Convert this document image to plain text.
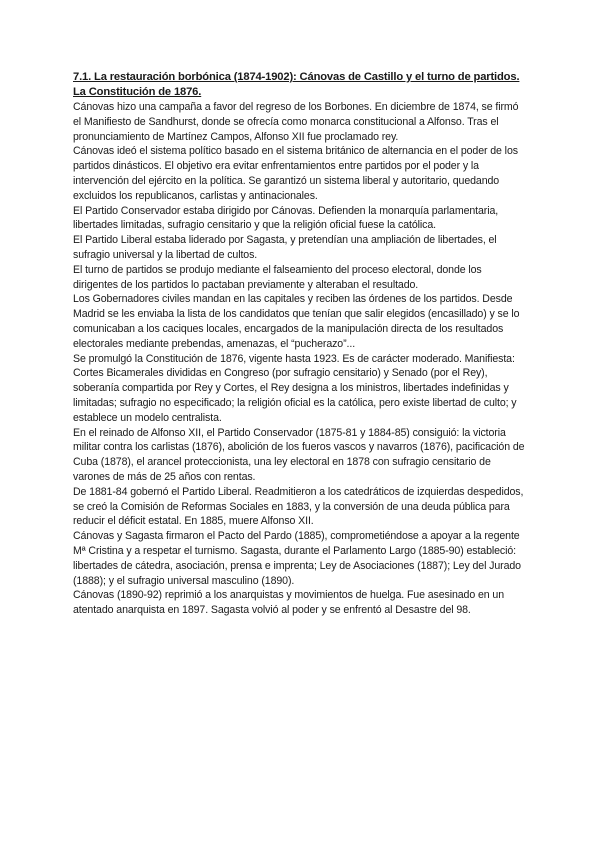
7.1. La restauración borbónica (1874-1902): Cánovas de Castillo y el turno de partidos. La Constitución de 1876.

Cánovas hizo una campaña a favor del regreso de los Borbones. En diciembre de 1874, se firmó el Manifiesto de Sandhurst, donde se ofrecía como monarca constitucional a Alfonso. Tras el pronunciamiento de Martínez Campos, Alfonso XII fue proclamado rey.

Cánovas ideó el sistema político basado en el sistema británico de alternancia en el poder de los partidos dinásticos. El objetivo era evitar enfrentamientos entre partidos por el poder y la intervención del ejército en la política. Se garantizó un sistema liberal y autoritario, quedando excluidos los republicanos, carlistas y antinacionales.

El Partido Conservador estaba dirigido por Cánovas. Defienden la monarquía parlamentaria, libertades limitadas, sufragio censitario y que la religión oficial fuese la católica.

El Partido Liberal estaba liderado por Sagasta, y pretendían una ampliación de libertades, el sufragio universal y la libertad de cultos.

El turno de partidos se produjo mediante el falseamiento del proceso electoral, donde los dirigentes de los partidos lo pactaban previamente y alteraban el resultado.

Los Gobernadores civiles mandan en las capitales y reciben las órdenes de los partidos. Desde Madrid se les enviaba la lista de los candidatos que tenían que salir elegidos (encasillado) y se lo comunicaban a los caciques locales, encargados de la manipulación directa de los resultados electorales mediante prebendas, amenazas, el “pucherazo”...

Se promulgó la Constitución de 1876, vigente hasta 1923. Es de carácter moderado. Manifiesta: Cortes Bicamerales divididas en Congreso (por sufragio censitario) y Senado (por el Rey), soberanía compartida por Rey y Cortes, el Rey designa a los ministros, libertades indefinidas y limitadas; sufragio no especificado; la religión oficial es la católica, pero existe libertad de culto; y establece un modelo centralista.

En el reinado de Alfonso XII, el Partido Conservador (1875-81 y 1884-85) consiguió: la victoria militar contra los carlistas (1876), abolición de los fueros vascos y navarros (1876), pacificación de Cuba (1878), el arancel proteccionista, una ley electoral en 1878 con sufragio censitario de varones de más de 25 años con rentas.

De 1881-84 gobernó el Partido Liberal. Readmitieron a los catedráticos de izquierdas despedidos, se creó la Comisión de Reformas Sociales en 1883, y la conversión de una deuda pública para reducir el déficit estatal. En 1885, muere Alfonso XII.

Cánovas y Sagasta firmaron el Pacto del Pardo (1885), comprometiéndose a apoyar a la regente Mª Cristina y a respetar el turnismo. Sagasta, durante el Parlamento Largo (1885-90) estableció: libertades de cátedra, asociación, prensa e imprenta; Ley de Asociaciones (1887); Ley del Jurado (1888); y el sufragio universal masculino (1890).

Cánovas (1890-92) reprimió a los anarquistas y movimientos de huelga. Fue asesinado en un atentado anarquista en 1897. Sagasta volvió al poder y se enfrentó al Desastre del 98.
